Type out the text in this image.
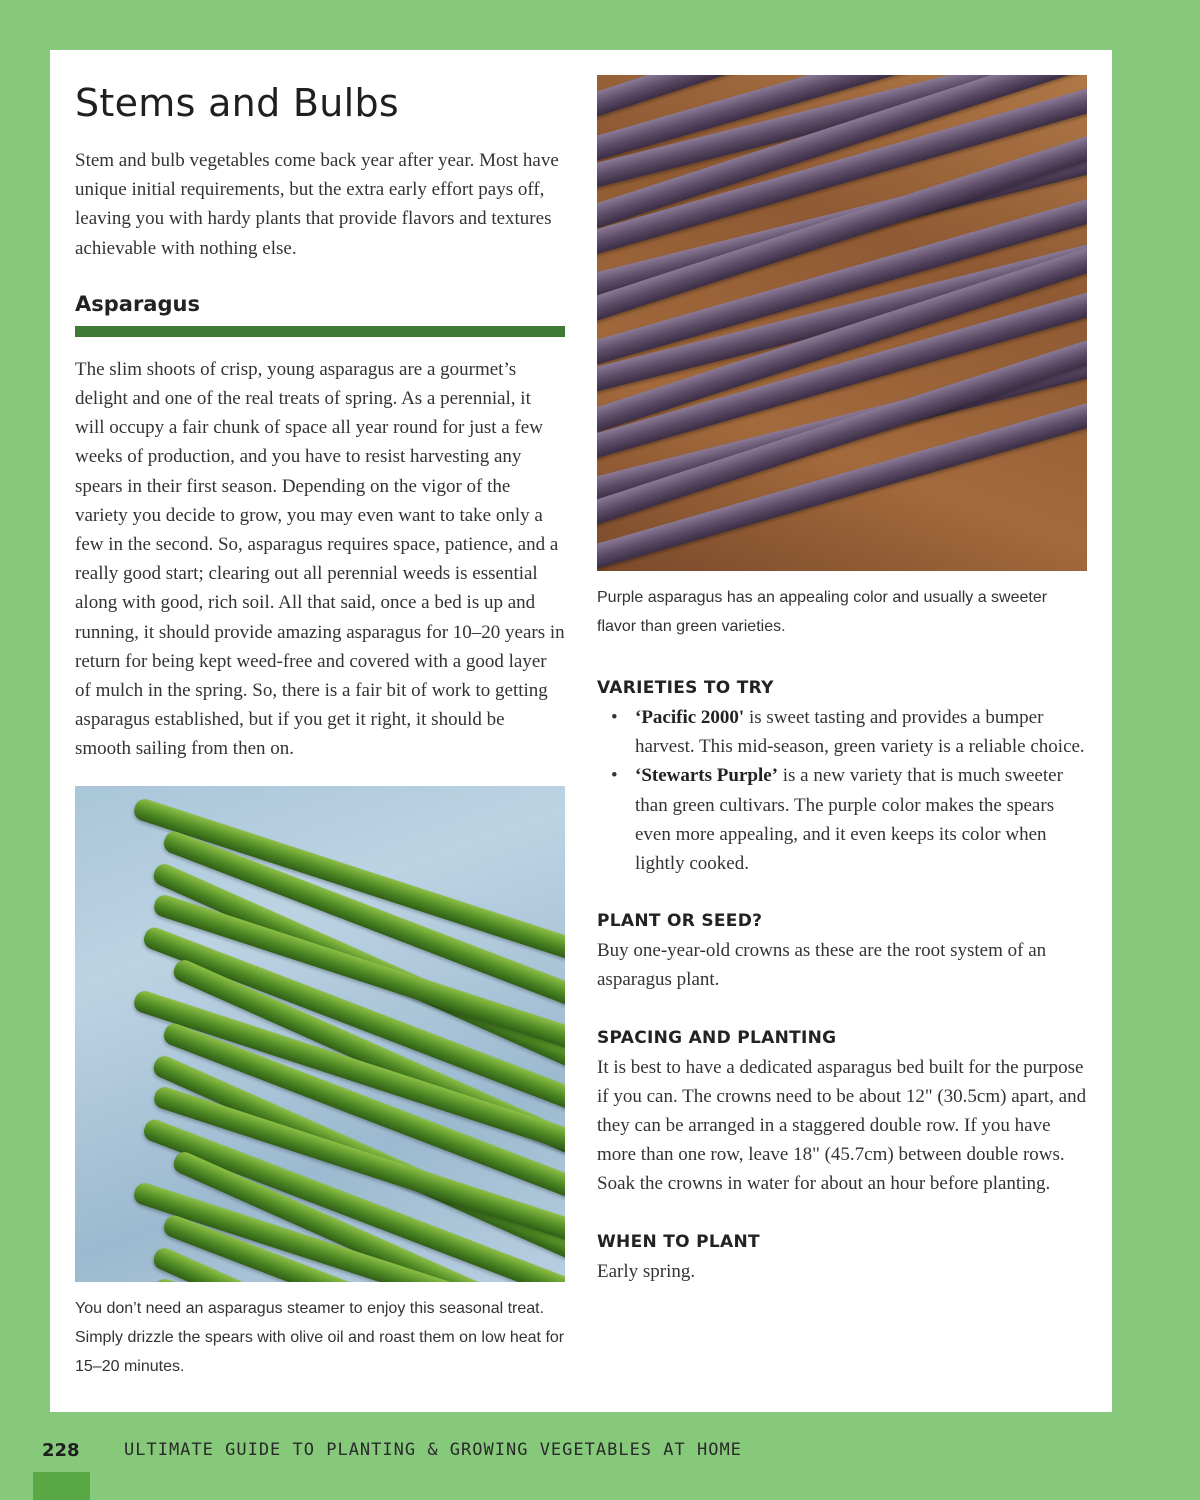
Stems and Bulbs

Stem and bulb vegetables come back year after year. Most have unique initial requirements, but the extra early effort pays off, leaving you with hardy plants that provide flavors and textures achievable with nothing else.

Asparagus

The slim shoots of crisp, young asparagus are a gourmet’s delight and one of the real treats of spring. As a perennial, it will occupy a fair chunk of space all year round for just a few weeks of production, and you have to resist harvesting any spears in their first season. Depending on the vigor of the variety you decide to grow, you may even want to take only a few in the second. So, asparagus requires space, patience, and a really good start; clearing out all perennial weeds is essential along with good, rich soil. All that said, once a bed is up and running, it should provide amazing asparagus for 10–20 years in return for being kept weed-free and covered with a good layer of mulch in the spring. So, there is a fair bit of work to getting asparagus established, but if you get it right, it should be smooth sailing from then on.

You don’t need an asparagus steamer to enjoy this seasonal treat. Simply drizzle the spears with olive oil and roast them on low heat for 15–20 minutes.

Purple asparagus has an appealing color and usually a sweeter flavor than green varieties.

VARIETIES TO TRY
• ‘Pacific 2000' is sweet tasting and provides a bumper harvest. This mid-season, green variety is a reliable choice.
• ‘Stewarts Purple’ is a new variety that is much sweeter than green cultivars. The purple color makes the spears even more appealing, and it even keeps its color when lightly cooked.
PLANT OR SEED?

Buy one-year-old crowns as these are the root system of an asparagus plant.

SPACING AND PLANTING

It is best to have a dedicated asparagus bed built for the purpose if you can. The crowns need to be about 12" (30.5cm) apart, and they can be arranged in a staggered double row. If you have more than one row, leave 18" (45.7cm) between double rows. Soak the crowns in water for about an hour before planting.

WHEN TO PLANT

Early spring.

228	ULTIMATE GUIDE TO PLANTING & GROWING VEGETABLES AT HOME
